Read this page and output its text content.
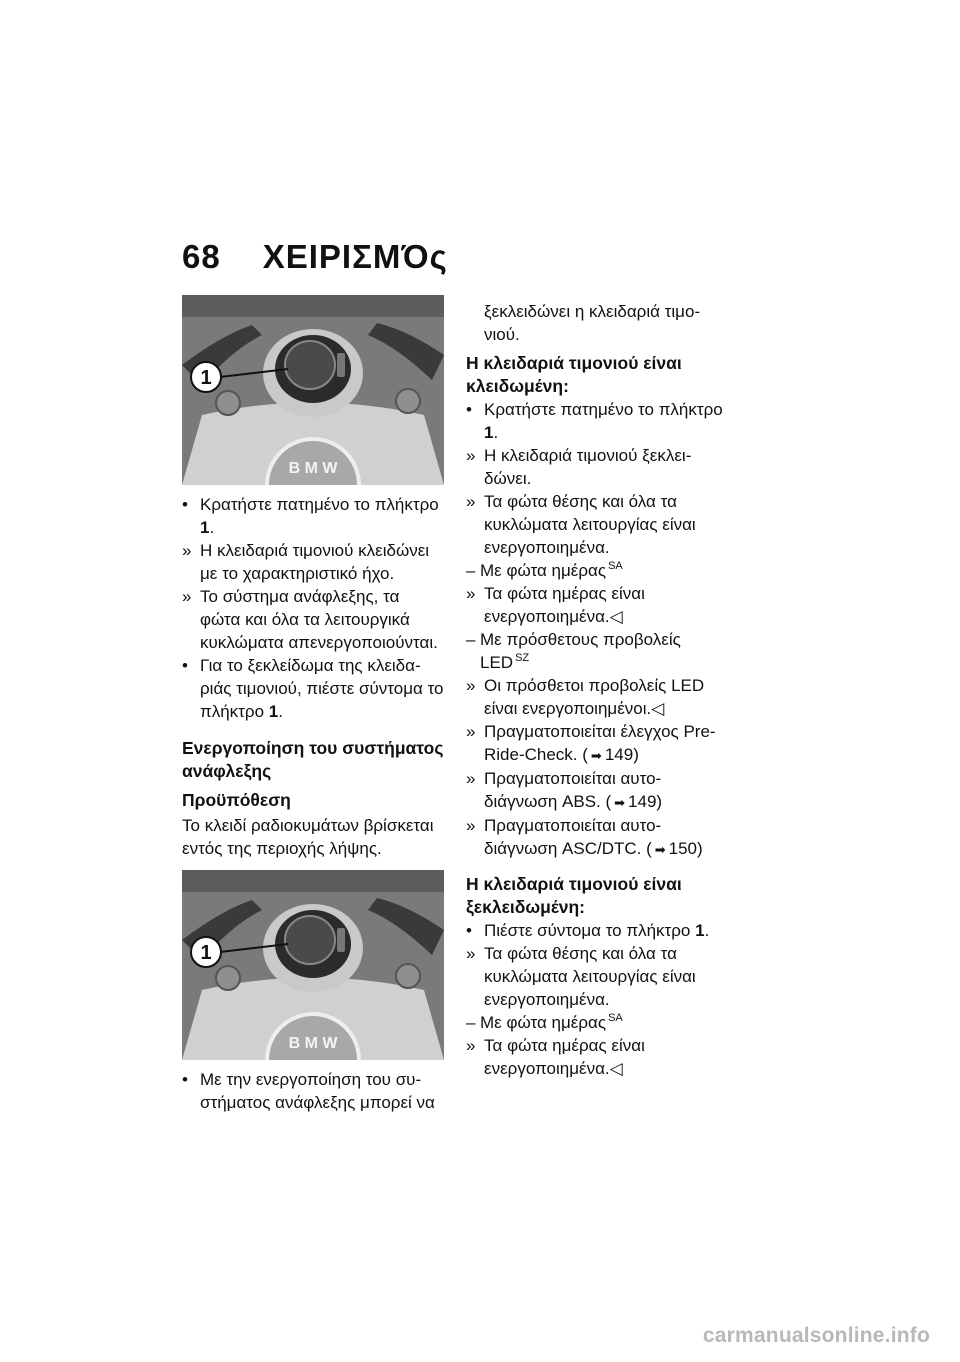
68 ΧΕΙΡΙΣΜΌς
B M W
1
• Κρατήστε πατημένο το πλήκτρο 1.
» Η κλειδαριά τιμονιού κλειδώνει με το χαρακτηριστικό ήχο.
» Το σύστημα ανάφλεξης, τα φώτα και όλα τα λειτουργικά κυκλώματα απενεργοποιούνται.
• Για το ξεκλείδωμα της κλειδαριάς τιμονιού, πιέστε σύντομα το πλήκτρο 1.
Ενεργοποίηση του συστήματος ανάφλεξης
Προϋπόθεση
Το κλειδί ραδιοκυμάτων βρίσκεται εντός της περιοχής λήψης.
B M W
1
• Με την ενεργοποίηση του συστήματος ανάφλεξης μπορεί να
ξεκλειδώνει η κλειδαριά τιμονιού.
Η κλειδαριά τιμονιού είναι κλειδωμένη:
• Κρατήστε πατημένο το πλήκτρο 1.
» Η κλειδαριά τιμονιού ξεκλειδώνει.
» Τα φώτα θέσης και όλα τα κυκλώματα λειτουργίας είναι ενεργοποιημένα.
– Με φώτα ημέρας $^{SA}$
» Τα φώτα ημέρας είναι ενεργοποιημένα.◁
– Με πρόσθετους προβολείς LED $^{SZ}$
» Οι πρόσθετοι προβολείς LED είναι ενεργοποιημένοι.◁
» Πραγματοποιείται έλεγχος Pre-Ride-Check. ( ➡ 149)
» Πραγματοποιείται αυτοδιάγνωση ABS. ( ➡ 149)
» Πραγματοποιείται αυτοδιάγνωση ASC/DTC. ( ➡ 150)
Η κλειδαριά τιμονιού είναι ξεκλειδωμένη:
• Πιέστε σύντομα το πλήκτρο 1.
» Τα φώτα θέσης και όλα τα κυκλώματα λειτουργίας είναι ενεργοποιημένα.
– Με φώτα ημέρας $^{SA}$
» Τα φώτα ημέρας είναι ενεργοποιημένα.◁
carmanualsonline.info
